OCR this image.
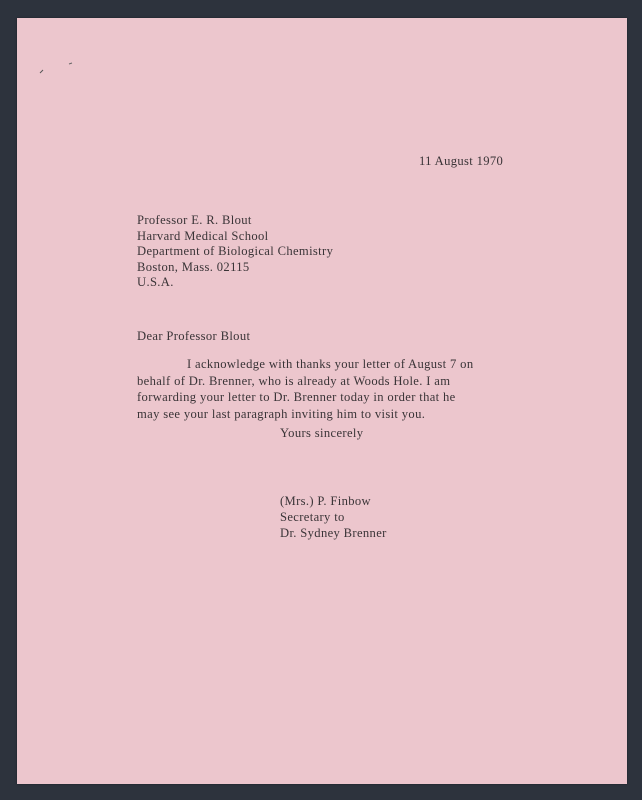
11 August 1970
Professor E. R. Blout
Harvard Medical School
Department of Biological Chemistry
Boston, Mass. 02115
U.S.A.
Dear Professor Blout
I acknowledge with thanks your letter of August 7 on
behalf of Dr. Brenner, who is already at Woods Hole. I am
forwarding your letter to Dr. Brenner today in order that he
may see your last paragraph inviting him to visit you.
Yours sincerely
(Mrs.) P. Finbow
Secretary to
Dr. Sydney Brenner
